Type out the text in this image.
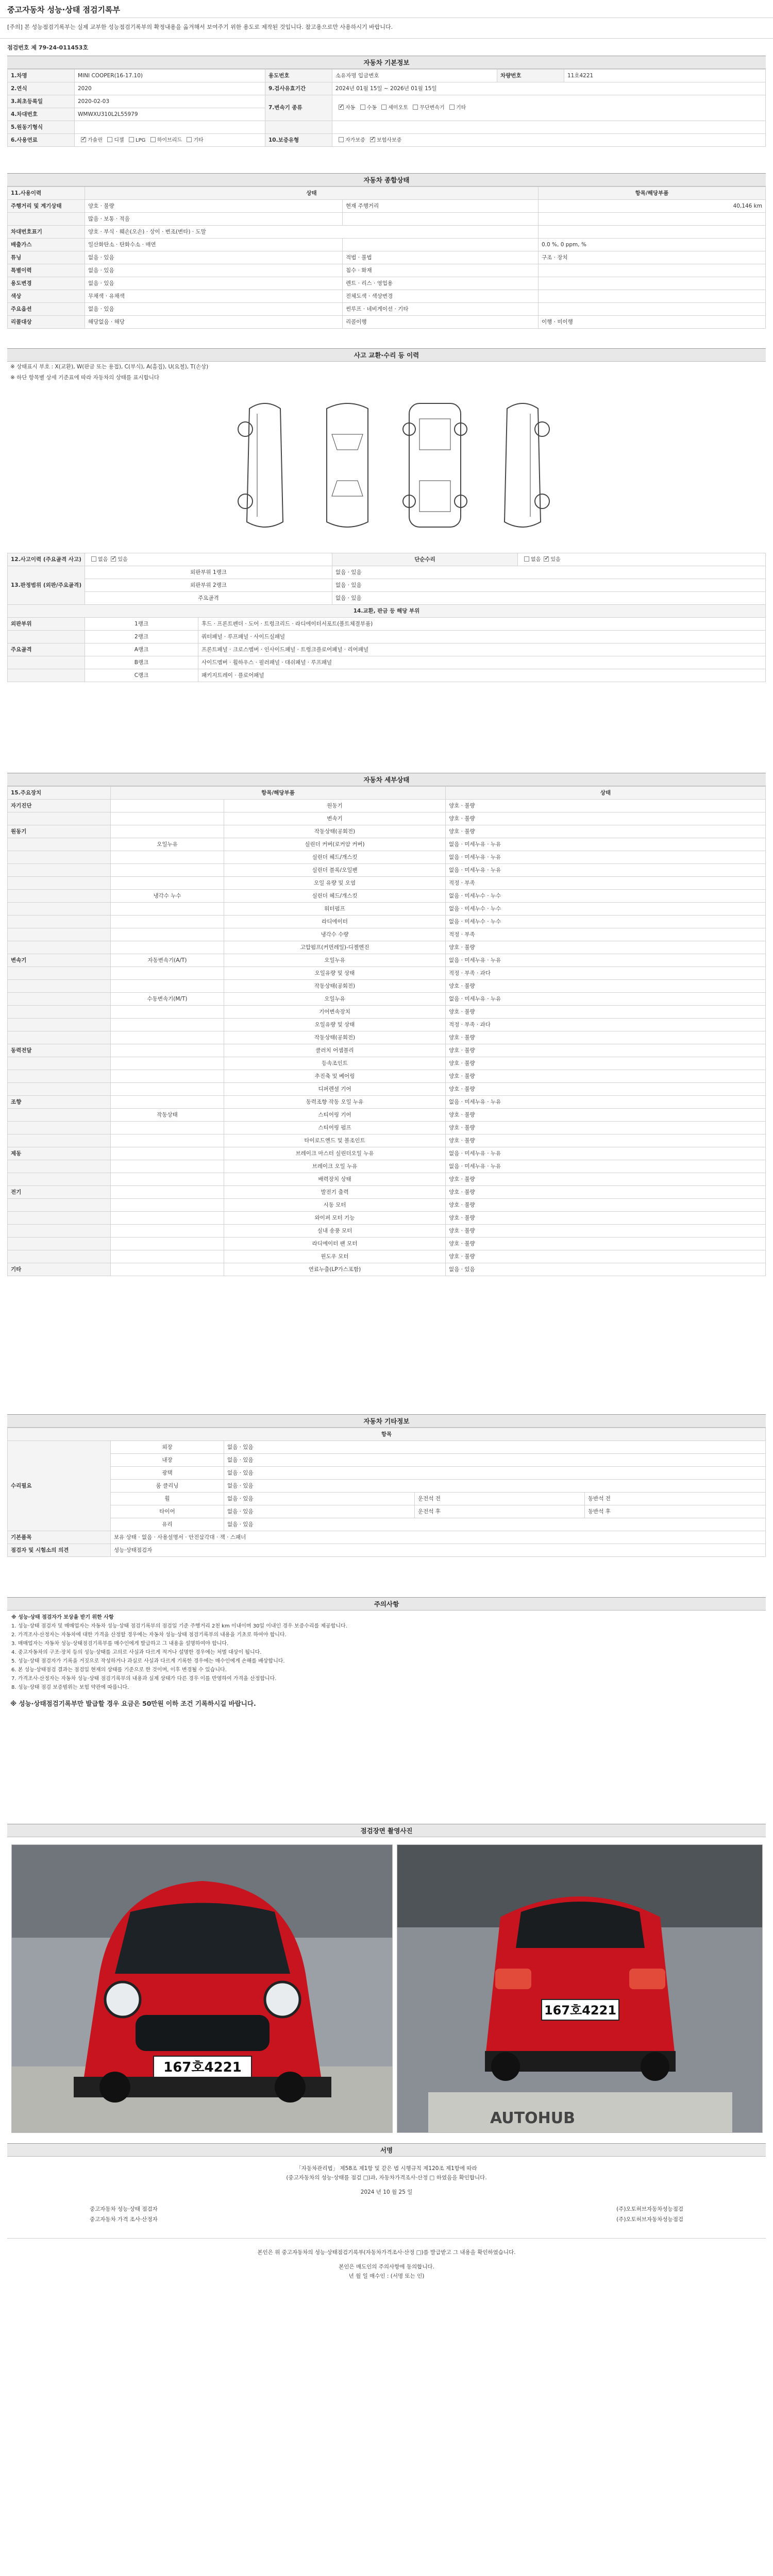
중고자동차 성능·상태 점검기록부
[주의] 본 성능점검기록부는 실제 교부한 성능점검기록부의 확정내용을 옮겨해서 보여주기 위한 용도로 제작된 것입니다. 참고용으로만 사용하시기 바랍니다.
점검번호 제 79-24-011453호
자동차 기본정보
1.차명	MINI COOPER(16-17.10)	용도번호	소유자명 입금변호	차량번호	11호4221
2.연식	2020	9.검사유효기간	2024년 01월 15일 ~ 2026년 01월 15일		
3.최초등록일	2020-02-03	7.변속기 종류	✓자동 수동 세미오토 무단변속기 기타
4.차대번호	WMWXU310L2L55979				
5.원동기형식					
6.사용연료	✓가솔린 디젤 LPG 하이브리드 기타	10.보증유형	자가보증 ✓ 보험사보증
자동차 종합상태
11.사용이력	상태		항목/해당부품
주행거리 및 계기상태	양호 · 불량	현재 주행거리	40,146 km
	많음 · 보통 · 적음		
차대번호표기	양호 · 부식 · 훼손(오손) · 상이 · 변조(변타) · 도말		
배출가스	일산화탄소 · 탄화수소 · 매연		0.0 %, 0 ppm, %
튜닝	없음 · 있음	적법 · 불법	구조 · 장치
특별이력	없음 · 있음	침수 · 화재	
용도변경	없음 · 있음	렌트 · 리스 · 영업용	
색상	무채색 · 유채색	전체도색 · 색상변경	
주요옵션	없음 · 있음	썬루프 · 네비게이션 · 기타	
리콜대상	해당없음 · 해당	리콜이행	이행 · 미이행
사고 교환·수리 등 이력
※ 상태표시 부호 : X(교환), W(판금 또는 용접), C(부식), A(흠집), U(요철), T(손상)
※ 하단 항목별 상세 기준표에 따라 자동차의 상태를 표시합니다
12.사고이력 (주요골격 사고)	없음 ✓ 있음		단순수리	없음 ✓ 있음
13.판정범위 (외판/주요골격)	외판부위 1랭크		없음 · 있음	
	외판부위 2랭크		없음 · 있음	
	주요골격		없음 · 있음	
14.교환, 판금 등 해당 부위				
외판부위	1랭크	후드 · 프론트펜더 · 도어 · 트렁크리드 · 라디에이터서포트(볼트체결부품)		
	2랭크	쿼터패널 · 루프패널 · 사이드실패널		
주요골격	A랭크	프론트패널 · 크로스멤버 · 인사이드패널 · 트렁크플로어패널 · 리어패널		
	B랭크	사이드멤버 · 휠하우스 · 필러패널 · 대쉬패널 · 루프패널		
	C랭크	패키지트레이 · 플로어패널		
자동차 세부상태
15.주요장치	항목/해당부품		상태
자기진단		원동기	양호 · 불량
		변속기	양호 · 불량
원동기		작동상태(공회전)	양호 · 불량
	오일누유	실린더 커버(로커암 커버)	없음 · 미세누유 · 누유
		실린더 헤드/개스킷	없음 · 미세누유 · 누유
		실린더 블록/오일팬	없음 · 미세누유 · 누유
		오일 유량 및 오염	적정 · 부족
	냉각수 누수	실린더 헤드/개스킷	없음 · 미세누수 · 누수
		워터펌프	없음 · 미세누수 · 누수
		라디에이터	없음 · 미세누수 · 누수
		냉각수 수량	적정 · 부족
		고압펌프(커먼레일)-디젤엔진	양호 · 불량
변속기	자동변속기(A/T)	오일누유	없음 · 미세누유 · 누유
		오일유량 및 상태	적정 · 부족 · 과다
		작동상태(공회전)	양호 · 불량
	수동변속기(M/T)	오일누유	없음 · 미세누유 · 누유
		기어변속장치	양호 · 불량
		오일유량 및 상태	적정 · 부족 · 과다
		작동상태(공회전)	양호 · 불량
동력전달		클러치 어셈블리	양호 · 불량
		등속조인트	양호 · 불량
		추진축 및 베어링	양호 · 불량
		디퍼렌셜 기어	양호 · 불량
조향		동력조향 작동 오일 누유	없음 · 미세누유 · 누유
	작동상태	스티어링 기어	양호 · 불량
		스티어링 펌프	양호 · 불량
		타이로드엔드 및 볼조인트	양호 · 불량
제동		브레이크 마스터 실린더오일 누유	없음 · 미세누유 · 누유
		브레이크 오일 누유	없음 · 미세누유 · 누유
		배력장치 상태	양호 · 불량
전기		발전기 출력	양호 · 불량
		시동 모터	양호 · 불량
		와이퍼 모터 기능	양호 · 불량
		실내 송풍 모터	양호 · 불량
		라디에이터 팬 모터	양호 · 불량
		윈도우 모터	양호 · 불량
기타		연료누출(LP가스포함)	없음 · 있음
자동차 기타정보
항목				
수리필요	외장	없음 · 있음		
	내장	없음 · 있음		
	광택	없음 · 있음		
	룸 클리닝	없음 · 있음		
	휠	없음 · 있음	운전석 전	동반석 전
	타이어	없음 · 있음	운전석 후	동반석 후
	유리	없음 · 있음		
기본품목	보유 상태 · 없음 · 사용설명서 · 안전삼각대 · 잭 · 스패너			
점검자 및 시험소의 의견	성능·상태점검자			
주의사항

※ 성능·상태 점검자가 보상을 받기 위한 사항

1. 성능·상태 점검자 및 매매업자는 자동차 성능·상태 점검기록부의 점검일 기준 주행거리 2천 km 이내이며 30일 이내인 경우 보증수리를 제공합니다.

2. 가격조사·산정자는 자동차에 대한 가격을 산정할 경우에는 자동차 성능·상태 점검기록부의 내용을 기초로 하여야 합니다.

3. 매매업자는 자동차 성능·상태점검기록부를 매수인에게 발급하고 그 내용을 설명하여야 합니다.

4. 중고자동차의 구조·장치 등의 성능·상태를 고의로 사실과 다르게 적거나 설명한 경우에는 처벌 대상이 됩니다.

5. 성능·상태 점검자가 기록을 거짓으로 작성하거나 과실로 사실과 다르게 기록한 경우에는 매수인에게 손해를 배상합니다.

6. 본 성능·상태점검 결과는 점검일 현재의 상태를 기준으로 한 것이며, 이후 변경될 수 있습니다.

7. 가격조사·산정자는 자동차 성능·상태 점검기록부의 내용과 실제 상태가 다른 경우 이를 반영하여 가격을 산정합니다.

8. 성능·상태 점검 보증범위는 보험 약관에 따릅니다.

※ 성능·상태점검기록부만 발급할 경우 요금은 50만원 이하 조건 기록하시길 바랍니다.
점검장면 촬영사진
167호4221
AUTOHUB
167호4221
서명
「자동차관리법」 제58조 제1항 및 같은 법 시행규칙 제120조 제1항에 따라
(중고자동차의 성능·상태를 점검 □)과, 자동차가격조사·산정 □ 하였음을 확인합니다.
2024 년 10 월 25 일
중고자동차 성능·상태 점검자
중고자동차 가격 조사·산정자
(주)오토허브자동차성능점검
(주)오토허브자동차성능점검
본인은 위 중고자동차의 성능·상태점검기록부(자동차가격조사·산정 □)를 발급받고 그 내용을 확인하였습니다.
본인은 매도인의 주의사항에 동의합니다.
년 월 일 매수인 : (서명 또는 인)
